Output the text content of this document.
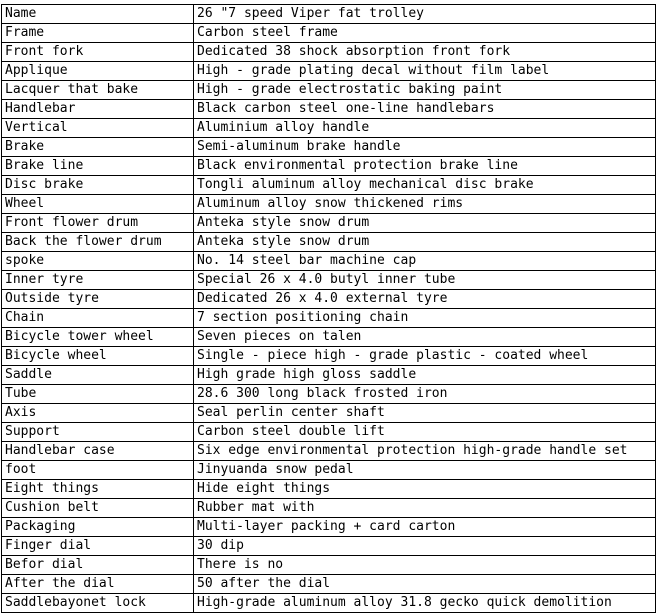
Name	26 "7 speed Viper fat trolley
Frame	Carbon steel frame
Front fork	Dedicated 38 shock absorption front fork
Applique	High - grade plating decal without film label
Lacquer that bake	High - grade electrostatic baking paint
Handlebar	Black carbon steel one-line handlebars
Vertical	Aluminium alloy handle
Brake	Semi-aluminum brake handle
Brake line	Black environmental protection brake line
Disc brake	Tongli aluminum alloy mechanical disc brake
Wheel	Aluminum alloy snow thickened rims
Front flower drum	Anteka style snow drum
Back the flower drum	Anteka style snow drum
spoke	No. 14 steel bar machine cap
Inner tyre	Special 26 x 4.0 butyl inner tube
Outside tyre	Dedicated 26 x 4.0 external tyre
Chain	7 section positioning chain
Bicycle tower wheel	Seven pieces on talen
Bicycle wheel	Single - piece high - grade plastic - coated wheel
Saddle	High grade high gloss saddle
Tube	28.6 300 long black frosted iron
Axis	Seal perlin center shaft
Support	Carbon steel double lift
Handlebar case	Six edge environmental protection high-grade handle set
foot	Jinyuanda snow pedal
Eight things	Hide eight things
Cushion belt	Rubber mat with
Packaging	Multi-layer packing + card carton
Finger dial	30 dip
Befor dial	There is no
After the dial	50 after the dial
Saddlebayonet lock	High-grade aluminum alloy 31.8 gecko quick demolition
